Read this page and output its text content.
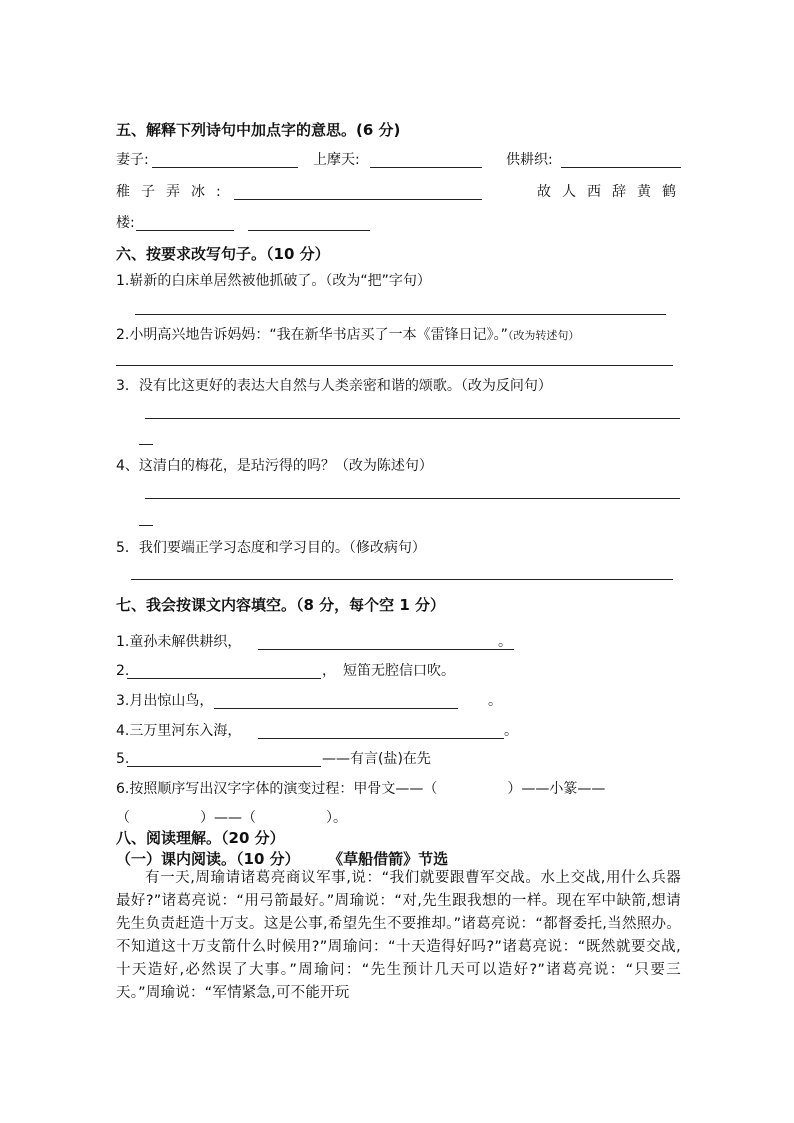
五、解释下列诗句中加点字的意思。(6 分)
妻子:	上摩天:	供耕织:
稚子弄冰:	故人西辞黄鹤
楼:
六、按要求改写句子。（10 分）
1.崭新的白床单居然被他抓破了。（改为“把”字句）
2.小明高兴地告诉妈妈：“我在新华书店买了一本《雷锋日记》。”（改为转述句）
3．没有比这更好的表达大自然与人类亲密和谐的颂歌。（改为反问句）
4、这清白的梅花，是玷污得的吗？（改为陈述句）
5．我们要端正学习态度和学习目的。（修改病句）
七、我会按课文内容填空。（8 分，每个空 1 分）
1.童孙未解供耕织，	。
2.	，　短笛无腔信口吹。
3.月出惊山鸟，	。
4.三万里河东入海，	。
5.	——有言(盐)在先
6.按照顺序写出汉字字体的演变过程：甲骨文——（　　　　　）——小篆——
（　　　　　）——（　　　　　）。
八、阅读理解。（20 分）
（一）课内阅读。（10 分） 《草船借箭》节选

有一天,周瑜请诸葛亮商议军事,说：“我们就要跟曹军交战。水上交战,用什么兵器最好?”诸葛亮说：“用弓箭最好。”周瑜说：“对,先生跟我想的一样。现在军中缺箭,想请先生负责赶造十万支。这是公事,希望先生不要推却。”诸葛亮说：“都督委托,当然照办。不知道这十万支箭什么时候用?”周瑜问：“十天造得好吗?”诸葛亮说：“既然就要交战,十天造好,必然误了大事。”周瑜问：“先生预计几天可以造好?”诸葛亮说：“只要三天。”周瑜说：“军情紧急,可不能开玩
